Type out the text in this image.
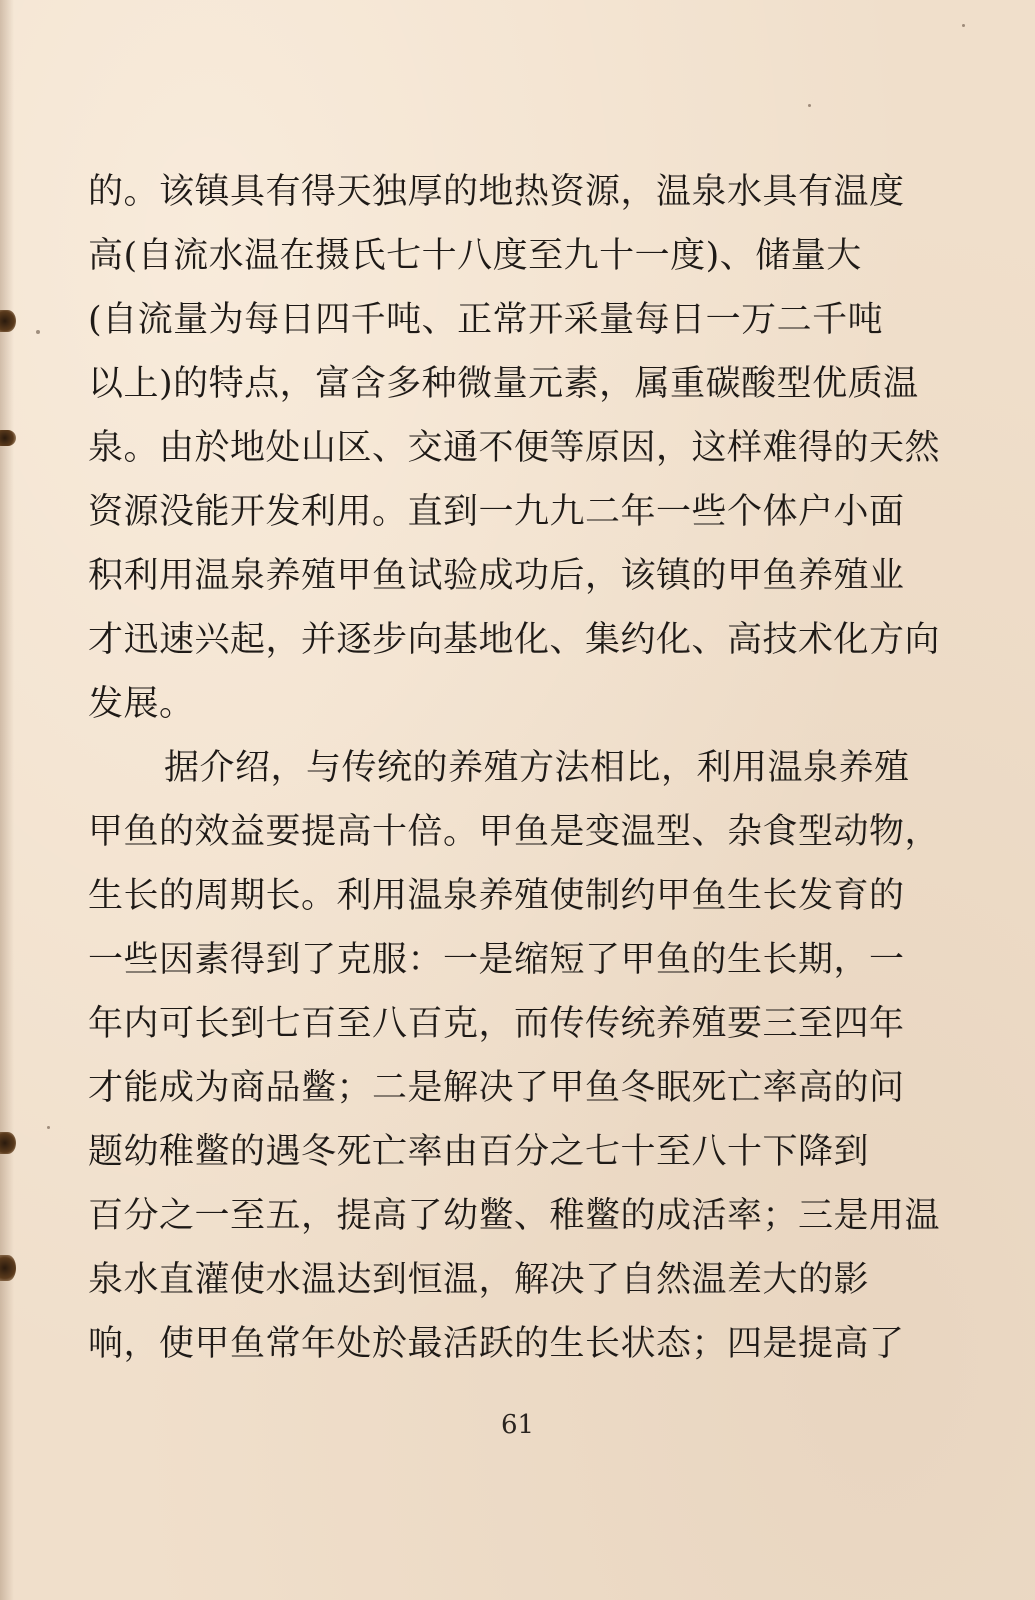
的。该镇具有得天独厚的地热资源，温泉水具有温度
高(自流水温在摄氏七十八度至九十一度)、储量大
(自流量为每日四千吨、正常开采量每日一万二千吨
以上)的特点，富含多种微量元素，属重碳酸型优质温
泉。由於地处山区、交通不便等原因，这样难得的天然
资源没能开发利用。直到一九九二年一些个体户小面
积利用温泉养殖甲鱼试验成功后，该镇的甲鱼养殖业
才迅速兴起，并逐步向基地化、集约化、高技术化方向
发展。
据介绍，与传统的养殖方法相比，利用温泉养殖
甲鱼的效益要提高十倍。甲鱼是变温型、杂食型动物，
生长的周期长。利用温泉养殖使制约甲鱼生长发育的
一些因素得到了克服：一是缩短了甲鱼的生长期，一
年内可长到七百至八百克，而传传统养殖要三至四年
才能成为商品鳖；二是解决了甲鱼冬眠死亡率高的问
题幼稚鳖的遇冬死亡率由百分之七十至八十下降到
百分之一至五，提高了幼鳖、稚鳖的成活率；三是用温
泉水直灌使水温达到恒温，解决了自然温差大的影
响，使甲鱼常年处於最活跃的生长状态；四是提高了
61
